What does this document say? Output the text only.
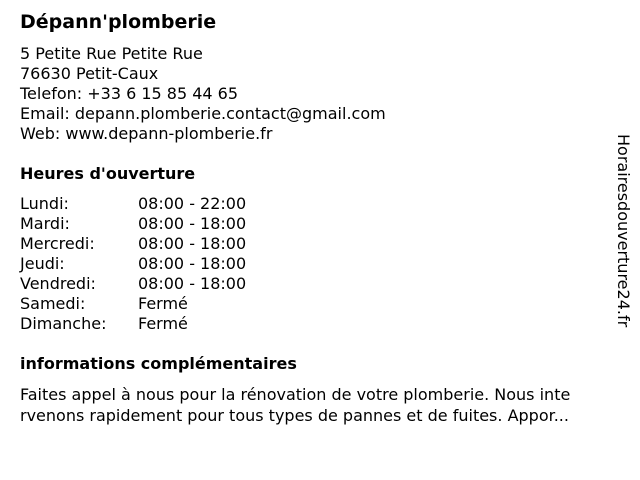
Dépann'plomberie
5 Petite Rue Petite Rue
76630 Petit-Caux
Telefon: +33 6 15 85 44 65
Email: depann.plomberie.contact@gmail.com
Web: www.depann-plomberie.fr
Heures d'ouverture
Lundi:	08:00 - 22:00
Mardi:	08:00 - 18:00
Mercredi:	08:00 - 18:00
Jeudi:	08:00 - 18:00
Vendredi:	08:00 - 18:00
Samedi:	Fermé
Dimanche: Fermé
informations complémentaires
Faites appel à nous pour la rénovation de votre plomberie. Nous inte
rvenons rapidement pour tous types de pannes et de fuites. Appor...
Horairesdouverture24.fr
